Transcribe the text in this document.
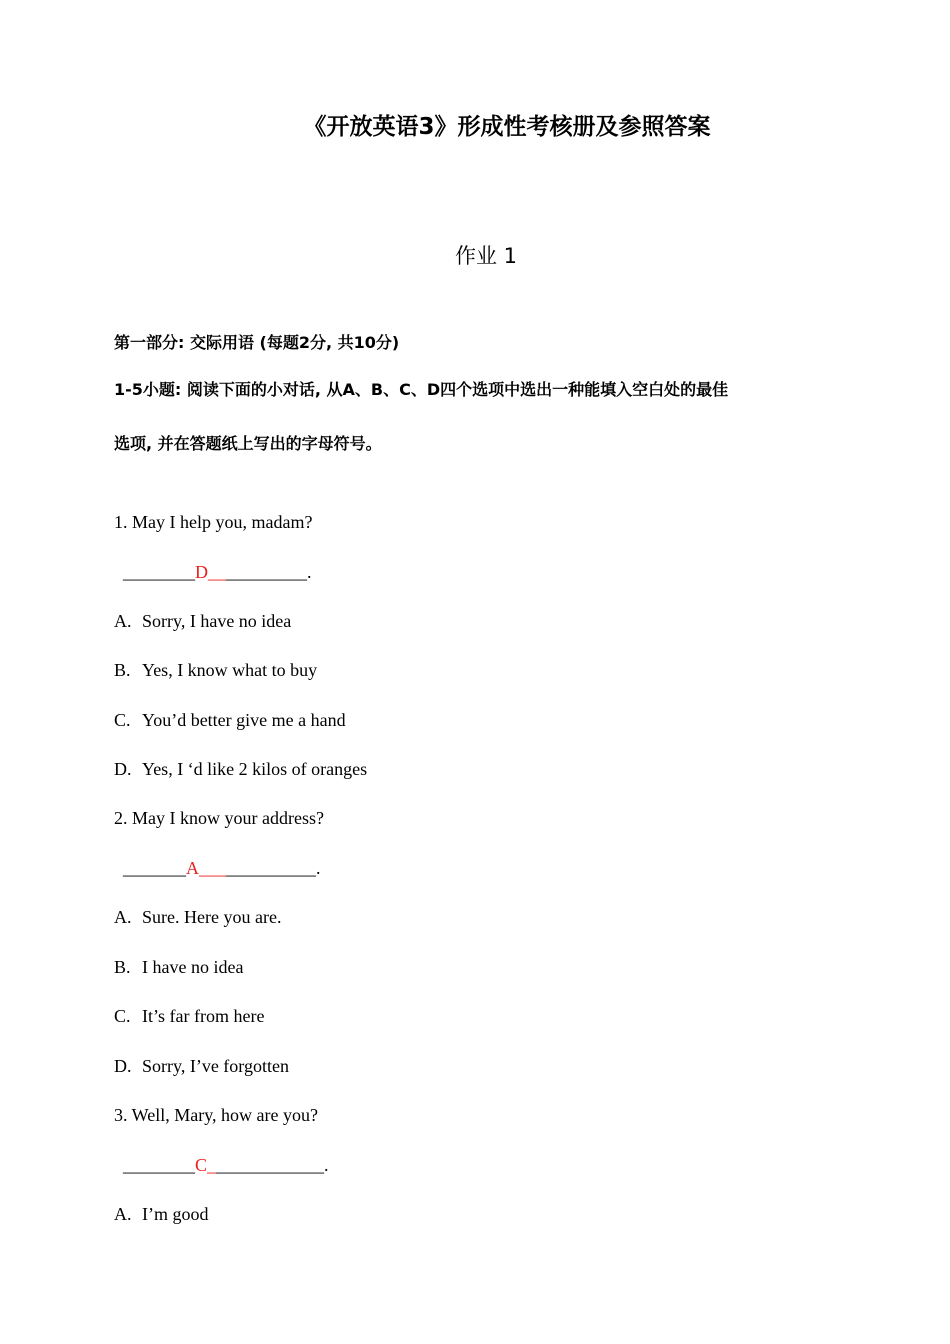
《开放英语3》形成性考核册及参照答案
作业 1
第一部分: 交际用语 (每题2分, 共10分)
1-5小题: 阅读下面的小对话, 从A、B、C、D四个选项中选出一种能填入空白处的最佳
选项, 并在答题纸上写出的字母符号。
1. May I help you, madam?
________D___________.
A. Sorry, I have no idea
B. Yes, I know what to buy
C. You’d better give me a hand
D. Yes, I ‘d like 2 kilos of oranges
2. May I know your address?
_______A_____________.
A. Sure. Here you are.
B. I have no idea
C. It’s far from here
D. Sorry, I’ve forgotten
3. Well, Mary, how are you?
________C_____________.
A. I’m good
